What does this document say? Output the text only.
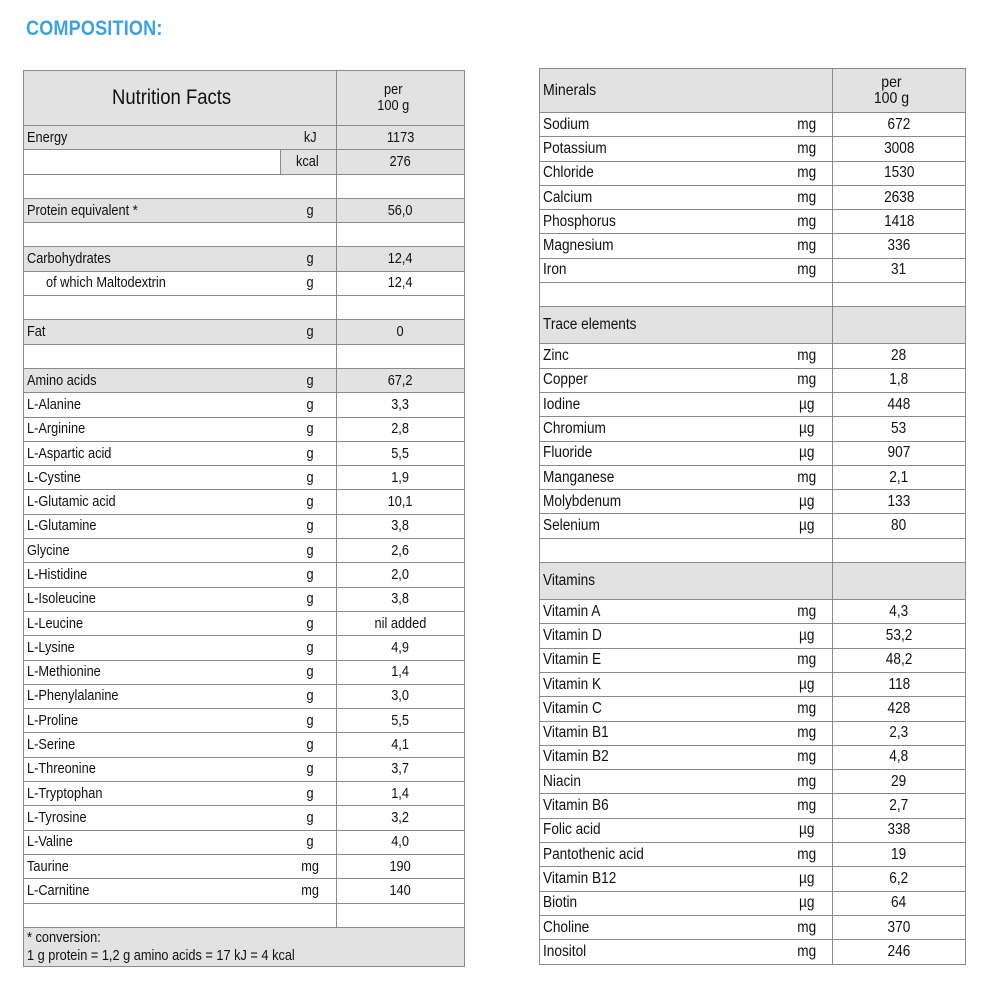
COMPOSITION:
Nutrition Facts		per
100 g

Energy	kJ	1173
	kcal	276

Protein equivalent *	g	56,0

Carbohydrates	g	12,4
of which Maltodextrin	g	12,4

Fat	g	0

Amino acids	g	67,2
L-Alanine	g	3,3
L-Arginine	g	2,8
L-Aspartic acid	g	5,5
L-Cystine	g	1,9
L-Glutamic acid	g	10,1
L-Glutamine	g	3,8
Glycine	g	2,6
L-Histidine	g	2,0
L-Isoleucine	g	3,8
L-Leucine	g	nil added
L-Lysine	g	4,9
L-Methionine	g	1,4
L-Phenylalanine	g	3,0
L-Proline	g	5,5
L-Serine	g	4,1
L-Threonine	g	3,7
L-Tryptophan	g	1,4
L-Tyrosine	g	3,2
L-Valine	g	4,0
Taurine	mg	190
L-Carnitine	mg	140

* conversion:
1 g protein = 1,2 g amino acids = 17 kJ = 4 kcal		
Minerals		per
100 g

Sodium	mg	672
Potassium	mg	3008
Chloride	mg	1530
Calcium	mg	2638
Phosphorus	mg	1418
Magnesium	mg	336
Iron	mg	31

Trace elements		
Zinc	mg	28
Copper	mg	1,8
Iodine	µg	448
Chromium	µg	53
Fluoride	µg	907
Manganese	mg	2,1
Molybdenum	µg	133
Selenium	µg	80

Vitamins		
Vitamin A	mg	4,3
Vitamin D	µg	53,2
Vitamin E	mg	48,2
Vitamin K	µg	118
Vitamin C	mg	428
Vitamin B1	mg	2,3
Vitamin B2	mg	4,8
Niacin	mg	29
Vitamin B6	mg	2,7
Folic acid	µg	338
Pantothenic acid	mg	19
Vitamin B12	µg	6,2
Biotin	µg	64
Choline	mg	370
Inositol	mg	246
